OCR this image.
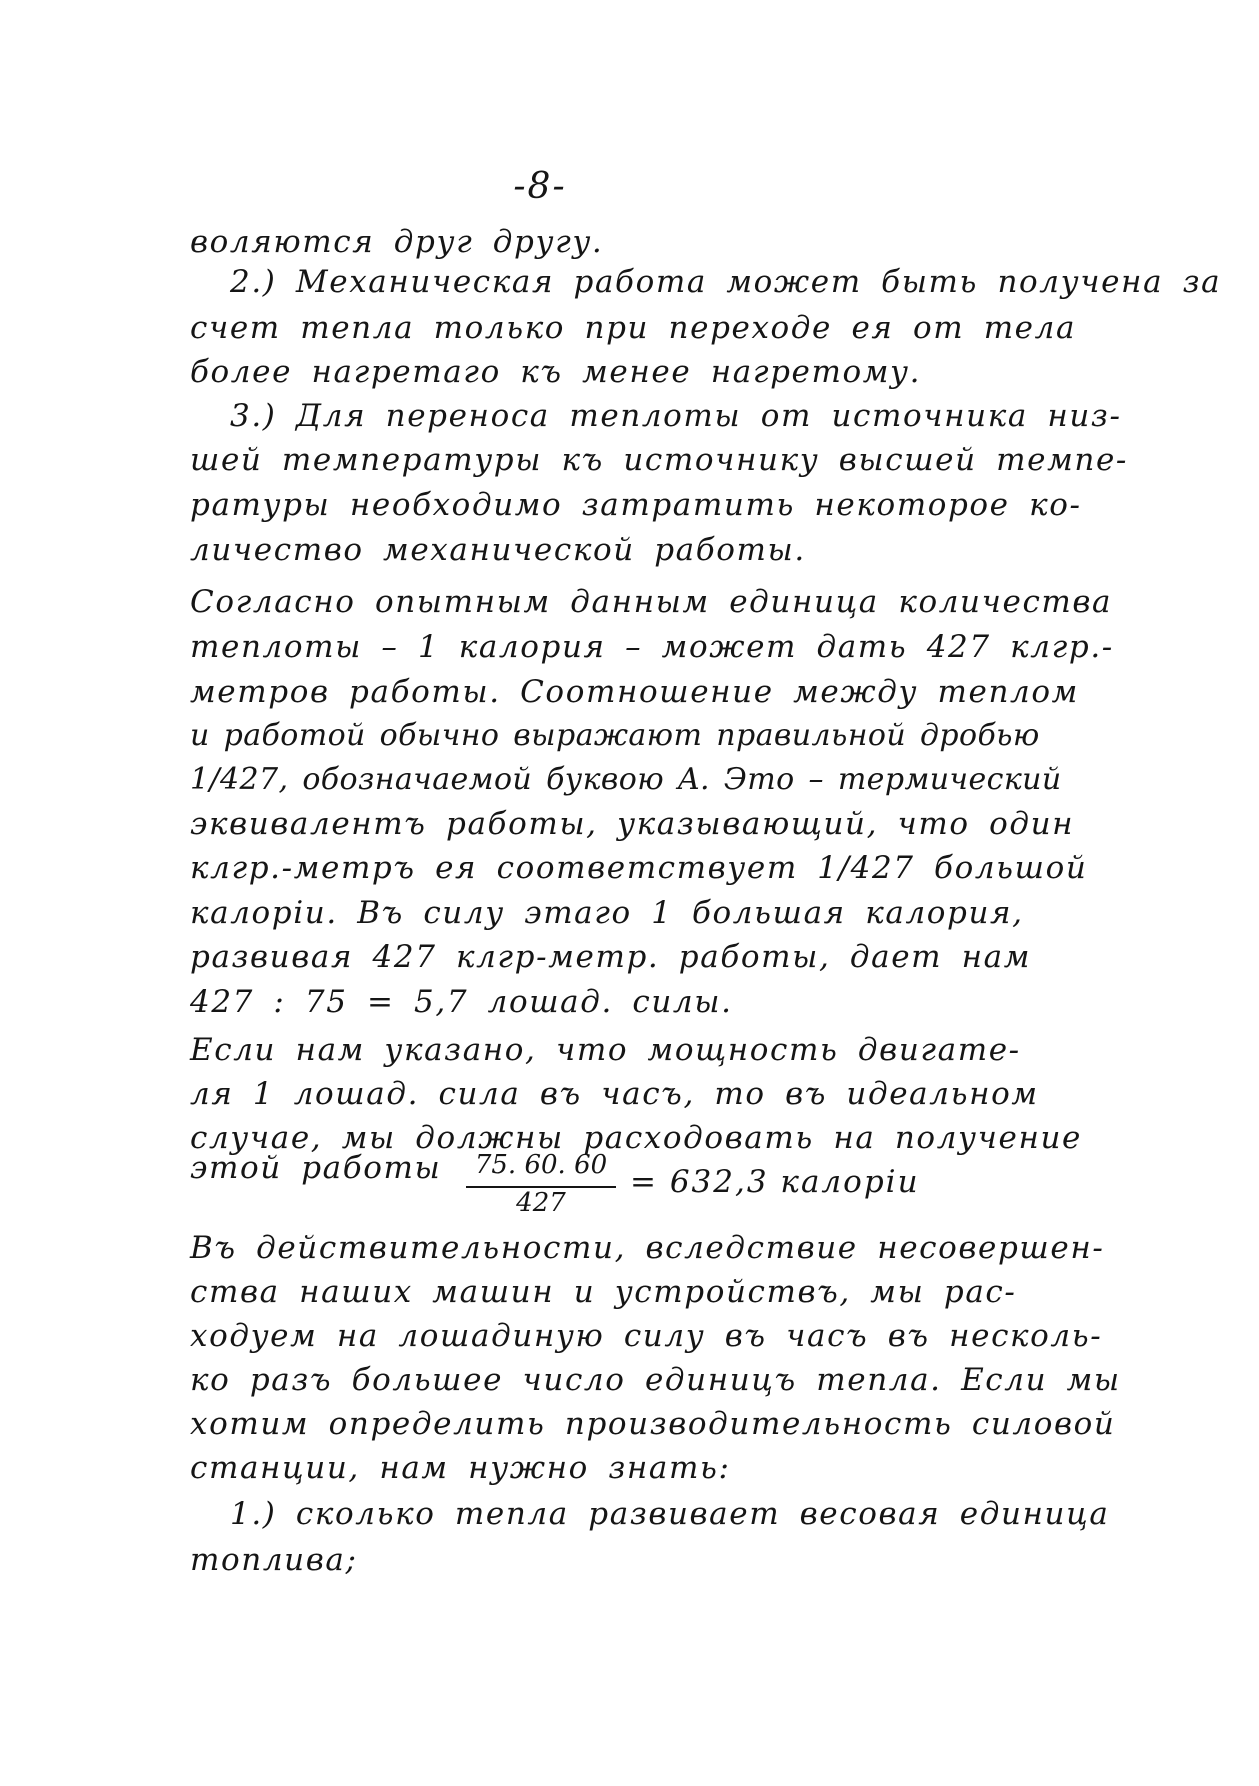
-8-
воляются друг другу.
2.) Механическая работа может быть получена за
счет тепла только при переходе ея от тела
более нагретаго къ менее нагретому.
3.) Для переноса теплоты от источника низ-
шей температуры къ источнику высшей темпе-
ратуры необходимо затратить некоторое ко-
личество механической работы.
Согласно опытным данным единица количества
теплоты – 1 калория – может дать 427 клгр.-
метров работы. Соотношение между теплом
и работой обычно выражают правильной дробью
1/427, обозначаемой буквою A. Это – термический
эквивалентъ работы, указывающий, что один
клгр.-метръ ея соответствует 1/427 большой
калорiи. Въ силу этаго 1 большая калория,
развивая 427 клгр-метр. работы, дает нам
427 : 75 = 5,7 лошад. силы.
Если нам указано, что мощность двигате-
ля 1 лошад. сила въ часъ, то въ идеальном
случае, мы должны расходовать на получение
этой работы	75. 60. 60
427
= 632,3 калорiи
Въ действительности, вследствие несовершен-
ства наших машин и устройствъ, мы рас-
ходуем на лошадиную силу въ часъ въ несколь-
ко разъ большее число единицъ тепла. Если мы
хотим определить производительность силовой
станции, нам нужно знать:
1.) сколько тепла развивает весовая единица
топлива;
